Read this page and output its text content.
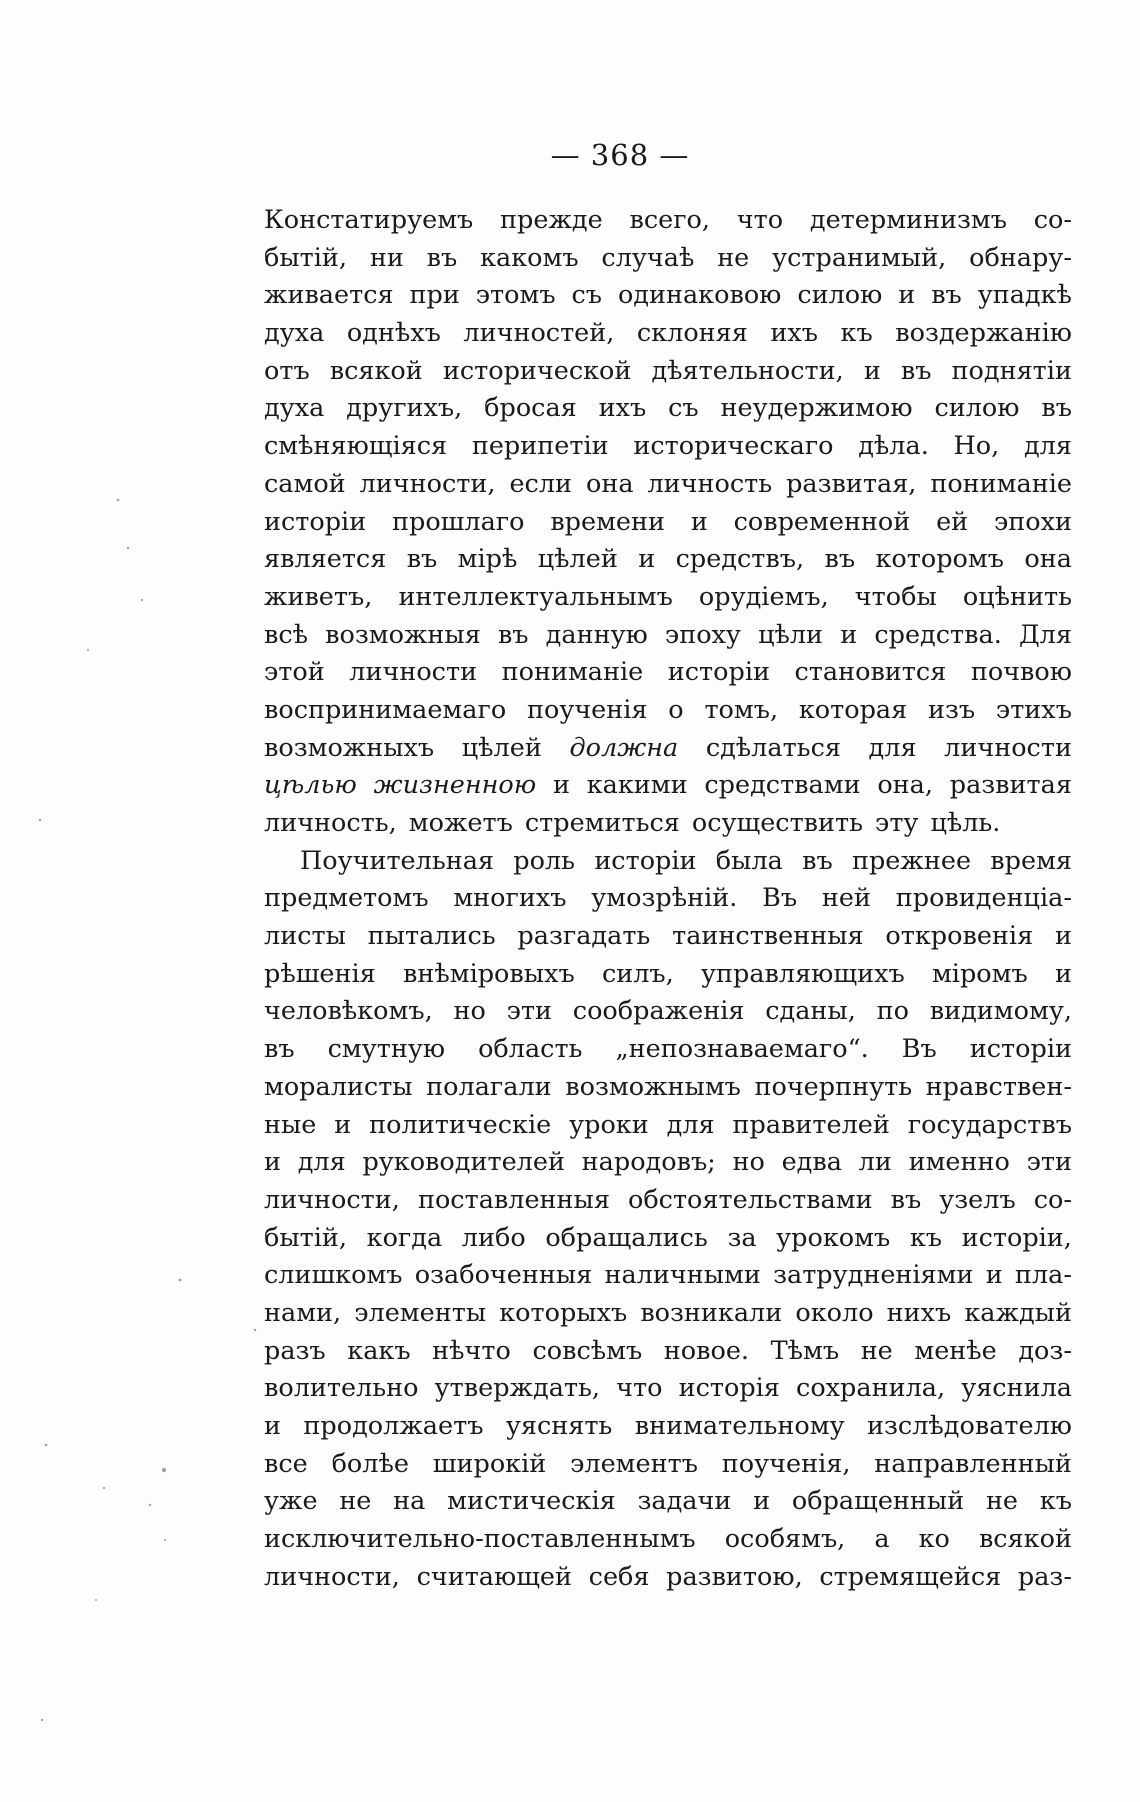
— 368 —
Констатируемъ прежде всего, что детерминизмъ со-
бытій, ни въ какомъ случаѣ не устранимый, обнару-
живается при этомъ съ одинаковою силою и въ упадкѣ
духа однѣхъ личностей, склоняя ихъ къ воздержанію
отъ всякой исторической дѣятельности, и въ поднятіи
духа другихъ, бросая ихъ съ неудержимою силою въ
смѣняющіяся перипетіи историческаго дѣла. Но, для
самой личности, если она личность развитая, пониманіе
исторіи прошлаго времени и современной ей эпохи
является въ мірѣ цѣлей и средствъ, въ которомъ она
живетъ, интеллектуальнымъ орудіемъ, чтобы оцѣнить
всѣ возможныя въ данную эпоху цѣли и средства. Для
этой личности пониманіе исторіи становится почвою
воспринимаемаго поученія о томъ, которая изъ этихъ
возможныхъ цѣлей должна сдѣлаться для личности
цѣлью жизненною и какими средствами она, развитая
личность, можетъ стремиться осуществить эту цѣль.
Поучительная роль исторіи была въ прежнее время
предметомъ многихъ умозрѣній. Въ ней провиденціа-
листы пытались разгадать таинственныя откровенія и
рѣшенія внѣміровыхъ силъ, управляющихъ міромъ и
человѣкомъ, но эти соображенія сданы, по видимому,
въ смутную область „непознаваемаго“. Въ исторіи
моралисты полагали возможнымъ почерпнуть нравствен-
ные и политическіе уроки для правителей государствъ
и для руководителей народовъ; но едва ли именно эти
личности, поставленныя обстоятельствами въ узелъ со-
бытій, когда либо обращались за урокомъ къ исторіи,
слишкомъ озабоченныя наличными затрудненіями и пла-
нами, элементы которыхъ возникали около нихъ каждый
разъ какъ нѣчто совсѣмъ новое. Тѣмъ не менѣе доз-
волительно утверждать, что исторія сохранила, уяснила
и продолжаетъ уяснять внимательному изслѣдователю
все болѣе широкій элементъ поученія, направленный
уже не на мистическія задачи и обращенный не къ
исключительно-поставленнымъ особямъ, а ко всякой
личности, считающей себя развитою, стремящейся раз-
